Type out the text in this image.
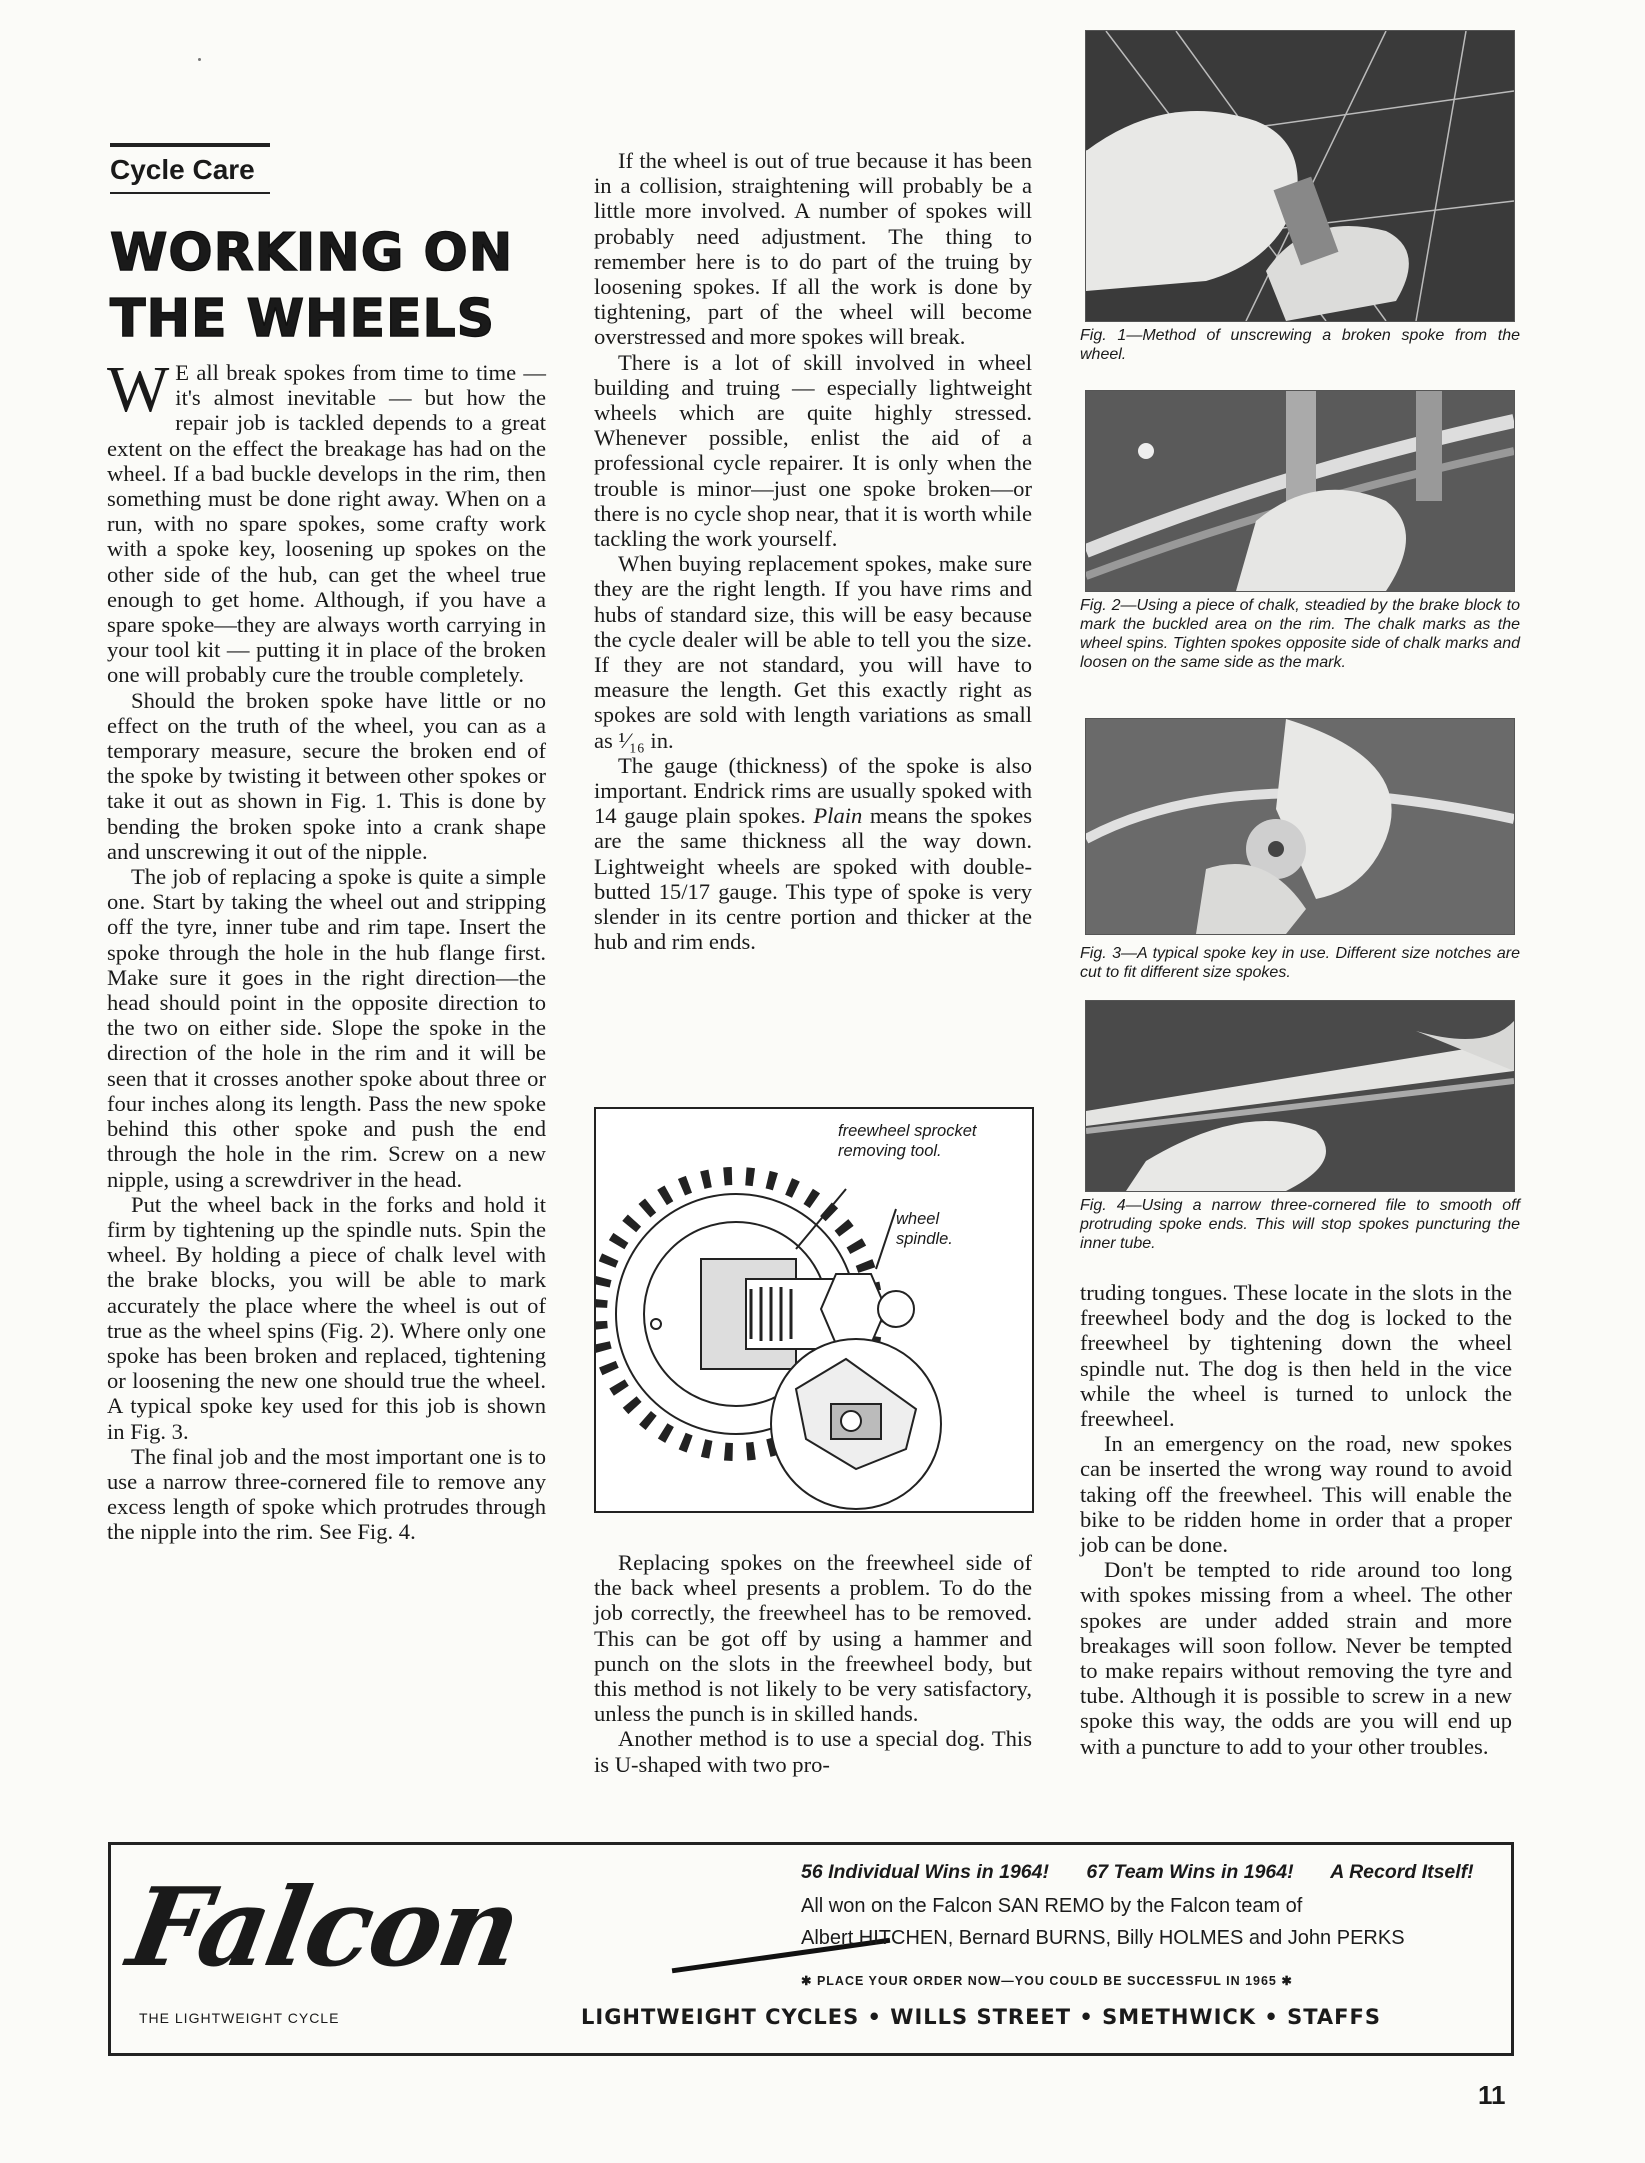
Cycle Care
WORKING ON
THE WHEELS

W E all break spokes from time to time — it's almost inevitable — but how the repair job is tackled depends to a great extent on the effect the breakage has had on the wheel. If a bad buckle develops in the rim, then something must be done right away. When on a run, with no spare spokes, some crafty work with a spoke key, loosening up spokes on the other side of the hub, can get the wheel true enough to get home. Although, if you have a spare spoke—they are always worth carrying in your tool kit — putting it in place of the broken one will probably cure the trouble completely.

Should the broken spoke have little or no effect on the truth of the wheel, you can as a temporary measure, secure the broken end of the spoke by twisting it between other spokes or take it out as shown in Fig. 1. This is done by bending the broken spoke into a crank shape and unscrewing it out of the nipple.

The job of replacing a spoke is quite a simple one. Start by taking the wheel out and stripping off the tyre, inner tube and rim tape. Insert the spoke through the hole in the hub flange first. Make sure it goes in the right direction—the head should point in the opposite direction to the two on either side. Slope the spoke in the direction of the hole in the rim and it will be seen that it crosses another spoke about three or four inches along its length. Pass the new spoke behind this other spoke and push the end through the hole in the rim. Screw on a new nipple, using a screwdriver in the head.

Put the wheel back in the forks and hold it firm by tightening up the spindle nuts. Spin the wheel. By holding a piece of chalk level with the brake blocks, you will be able to mark accurately the place where the wheel is out of true as the wheel spins (Fig. 2). Where only one spoke has been broken and replaced, tightening or loosening the new one should true the wheel. A typical spoke key used for this job is shown in Fig. 3.

The final job and the most important one is to use a narrow three-cornered file to remove any excess length of spoke which protrudes through the nipple into the rim. See Fig. 4.

If the wheel is out of true because it has been in a collision, straightening will probably be a little more involved. A number of spokes will probably need adjustment. The thing to remember here is to do part of the truing by loosening spokes. If all the work is done by tightening, part of the wheel will become overstressed and more spokes will break.

There is a lot of skill involved in wheel building and truing — especially lightweight wheels which are quite highly stressed. Whenever possible, enlist the aid of a professional cycle repairer. It is only when the trouble is minor—just one spoke broken—or there is no cycle shop near, that it is worth while tackling the work yourself.

When buying replacement spokes, make sure they are the right length. If you have rims and hubs of standard size, this will be easy because the cycle dealer will be able to tell you the size. If they are not standard, you will have to measure the length. Get this exactly right as spokes are sold with length variations as small as ¹⁄₁₆ in.

The gauge (thickness) of the spoke is also important. Endrick rims are usually spoked with 14 gauge plain spokes. Plain means the spokes are the same thickness all the way down. Lightweight wheels are spoked with double-butted 15/17 gauge. This type of spoke is very slender in its centre portion and thicker at the hub and rim ends.

freewheel sprocket removing tool.
wheel spindle.

Replacing spokes on the freewheel side of the back wheel presents a problem. To do the job correctly, the freewheel has to be removed. This can be got off by using a hammer and punch on the slots in the freewheel body, but this method is not likely to be very satisfactory, unless the punch is in skilled hands.

Another method is to use a special dog. This is U-shaped with two pro-

Fig. 1—Method of unscrewing a broken spoke from the wheel.
Fig. 2—Using a piece of chalk, steadied by the brake block to mark the buckled area on the rim. The chalk marks as the wheel spins. Tighten spokes opposite side of chalk marks and loosen on the same side as the mark.
Fig. 3—A typical spoke key in use. Different size notches are cut to fit different size spokes.
Fig. 4—Using a narrow three-cornered file to smooth off protruding spoke ends. This will stop spokes puncturing the inner tube.

truding tongues. These locate in the slots in the freewheel body and the dog is locked to the freewheel by tightening down the wheel spindle nut. The dog is then held in the vice while the wheel is turned to unlock the freewheel.

In an emergency on the road, new spokes can be inserted the wrong way round to avoid taking off the freewheel. This will enable the bike to be ridden home in order that a proper job can be done.

Don't be tempted to ride around too long with spokes missing from a wheel. The other spokes are under added strain and more breakages will soon follow. Never be tempted to make repairs without removing the tyre and tube. Although it is possible to screw in a new spoke this way, the odds are you will end up with a puncture to add to your other troubles.

Falcon
THE LIGHTWEIGHT CYCLE
56 Individual Wins in 1964! 67 Team Wins in 1964! A Record Itself!
All won on the Falcon SAN REMO by the Falcon team of
Albert HITCHEN, Bernard BURNS, Billy HOLMES and John PERKS
✱ PLACE YOUR ORDER NOW—YOU COULD BE SUCCESSFUL IN 1965 ✱
LIGHTWEIGHT CYCLES • WILLS STREET • SMETHWICK • STAFFS
11
